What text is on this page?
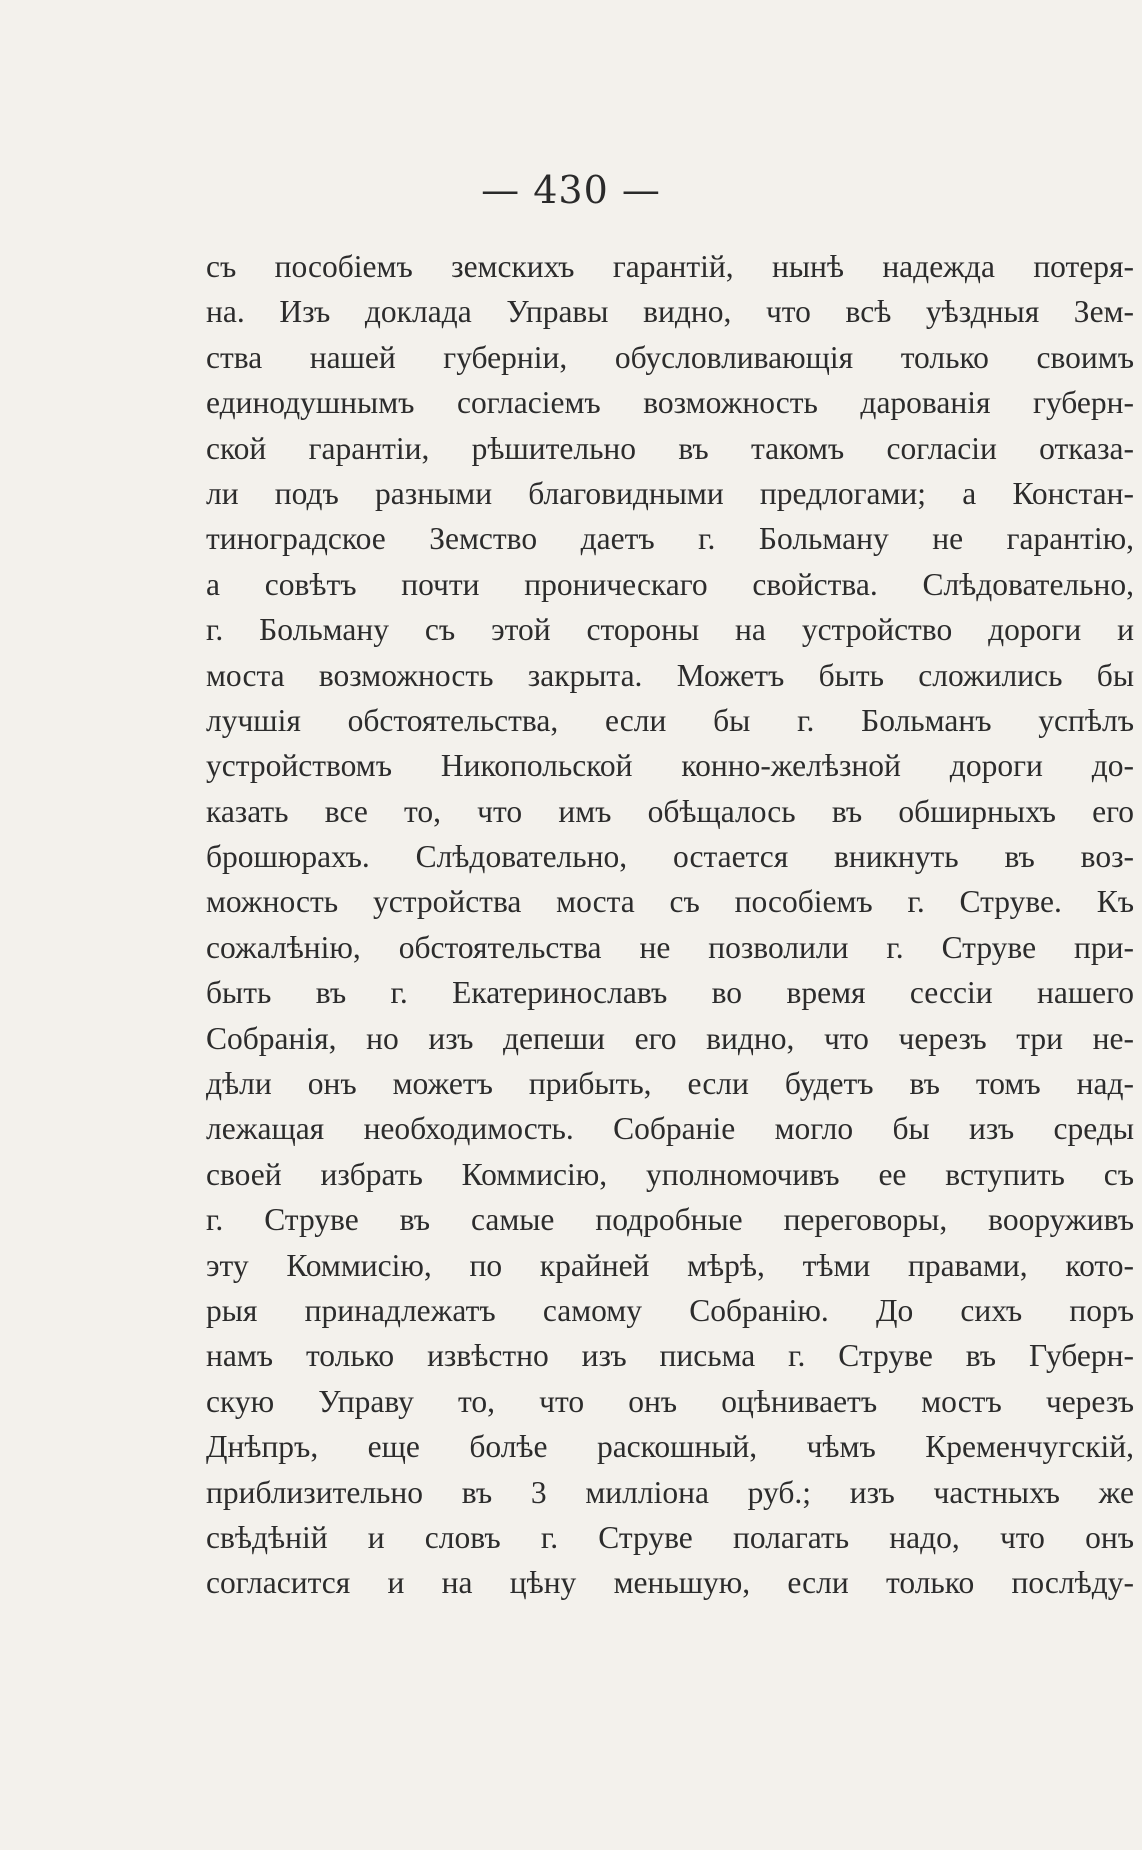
— 430 —
съ пособіемъ земскихъ гарантій, нынѣ надежда потеря-
на. Изъ доклада Управы видно, что всѣ уѣздныя Зем-
ства нашей губерніи, обусловливающія только своимъ
единодушнымъ согласіемъ возможность дарованія губерн-
ской гарантіи, рѣшительно въ такомъ согласіи отказа-
ли подъ разными благовидными предлогами; а Констан-
тиноградское Земство даетъ г. Больману не гарантію,
а совѣтъ почти проническаго свойства. Слѣдовательно,
г. Больману съ этой стороны на устройство дороги и
моста возможность закрыта. Можетъ быть сложились бы
лучшія обстоятельства, если бы г. Больманъ успѣлъ
устройствомъ Никопольской конно-желѣзной дороги до-
казать все то, что имъ обѣщалось въ обширныхъ его
брошюрахъ. Слѣдовательно, остается вникнуть въ воз-
можность устройства моста съ пособіемъ г. Струве. Къ
сожалѣнію, обстоятельства не позволили г. Струве при-
быть въ г. Екатеринославъ во время сессіи нашего
Собранія, но изъ депеши его видно, что черезъ три не-
дѣли онъ можетъ прибыть, если будетъ въ томъ над-
лежащая необходимость. Собраніе могло бы изъ среды
своей избрать Коммисію, уполномочивъ ее вступить съ
г. Струве въ самые подробные переговоры, вооруживъ
эту Коммисію, по крайней мѣрѣ, тѣми правами, кото-
рыя принадлежатъ самому Собранію. До сихъ поръ
намъ только извѣстно изъ письма г. Струве въ Губерн-
скую Управу то, что онъ оцѣниваетъ мостъ черезъ
Днѣпръ, еще болѣе раскошный, чѣмъ Кременчугскій,
приблизительно въ 3 милліона руб.; изъ частныхъ же
свѣдѣній и словъ г. Струве полагать надо, что онъ
согласится и на цѣну меньшую, если только послѣду-
